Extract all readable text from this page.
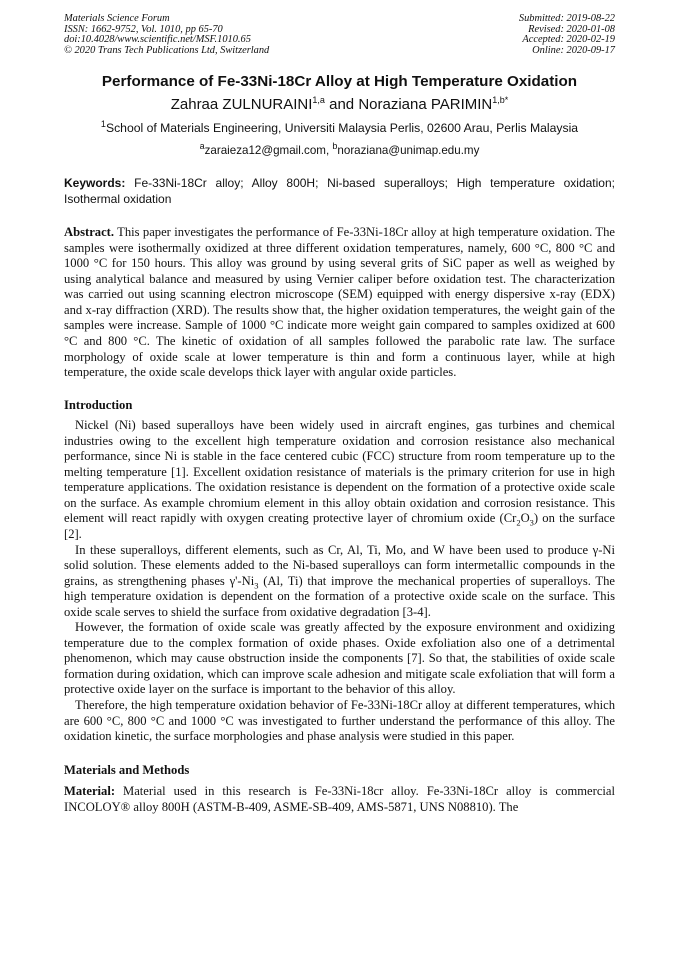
Materials Science Forum
ISSN: 1662-9752, Vol. 1010, pp 65-70
doi:10.4028/www.scientific.net/MSF.1010.65
© 2020 Trans Tech Publications Ltd, Switzerland
Submitted: 2019-08-22
Revised: 2020-01-08
Accepted: 2020-02-19
Online: 2020-09-17
Performance of Fe-33Ni-18Cr Alloy at High Temperature Oxidation
Zahraa ZULNURAINI$^{1,a}$ and Noraziana $PARIMIN^{1,b*}$
$^1$School of Materials Engineering, Universiti Malaysia Perlis, 02600 Arau, Perlis Malaysia
$^a$zaraieza12@gmail.com, $^b$noraziana@unimap.edu.my
Keywords: Fe-33Ni-18Cr alloy; Alloy 800H; Ni-based superalloys; High temperature oxidation; Isothermal oxidation

Abstract. This paper investigates the performance of Fe-33Ni-18Cr alloy at high temperature oxidation. The samples were isothermally oxidized at three different oxidation temperatures, namely, 600 °C, 800 °C and 1000 °C for 150 hours. This alloy was ground by using several grits of SiC paper as well as weighed by using analytical balance and measured by using Vernier caliper before oxidation test. The characterization was carried out using scanning electron microscope (SEM) equipped with energy dispersive x-ray (EDX) and x-ray diffraction (XRD). The results show that, the higher oxidation temperatures, the weight gain of the samples were increase. Sample of 1000 °C indicate more weight gain compared to samples oxidized at 600 °C and 800 °C. The kinetic of oxidation of all samples followed the parabolic rate law. The surface morphology of oxide scale at lower temperature is thin and form a continuous layer, while at high temperature, the oxide scale develops thick layer with angular oxide particles.

Introduction

Nickel (Ni) based superalloys have been widely used in aircraft engines, gas turbines and chemical industries owing to the excellent high temperature oxidation and corrosion resistance also mechanical performance, since Ni is stable in the face centered cubic (FCC) structure from room temperature up to the melting temperature [1]. Excellent oxidation resistance of materials is the primary criterion for use in high temperature applications. The oxidation resistance is dependent on the formation of a protective oxide scale on the surface. As example chromium element in this alloy obtain oxidation and corrosion resistance. This element will react rapidly with oxygen creating protective layer of chromium oxide $(Cr_2O_3)$ on the surface [2].

In these superalloys, different elements, such as Cr, Al, Ti, Mo, and W have been used to produce γ-Ni solid solution. These elements added to the Ni-based superalloys can form intermetallic compounds in the grains, as strengthening phases $\gamma'-Ni_3$ (Al, Ti) that improve the mechanical properties of superalloys. The high temperature oxidation is dependent on the formation of a protective oxide scale on the surface. This oxide scale serves to shield the surface from oxidative degradation [3-4].

However, the formation of oxide scale was greatly affected by the exposure environment and oxidizing temperature due to the complex formation of oxide phases. Oxide exfoliation also one of a detrimental phenomenon, which may cause obstruction inside the components [7]. So that, the stabilities of oxide scale formation during oxidation, which can improve scale adhesion and mitigate scale exfoliation that will form a protective oxide layer on the surface is important to the behavior of this alloy.

Therefore, the high temperature oxidation behavior of Fe-33Ni-18Cr alloy at different temperatures, which are 600 °C, 800 °C and 1000 °C was investigated to further understand the performance of this alloy. The oxidation kinetic, the surface morphologies and phase analysis were studied in this paper.

Materials and Methods

Material: Material used in this research is Fe-33Ni-18cr alloy. Fe-33Ni-18Cr alloy is commercial INCOLOY® alloy 800H (ASTM-B-409, ASME-SB-409, AMS-5871, UNS N08810). The
